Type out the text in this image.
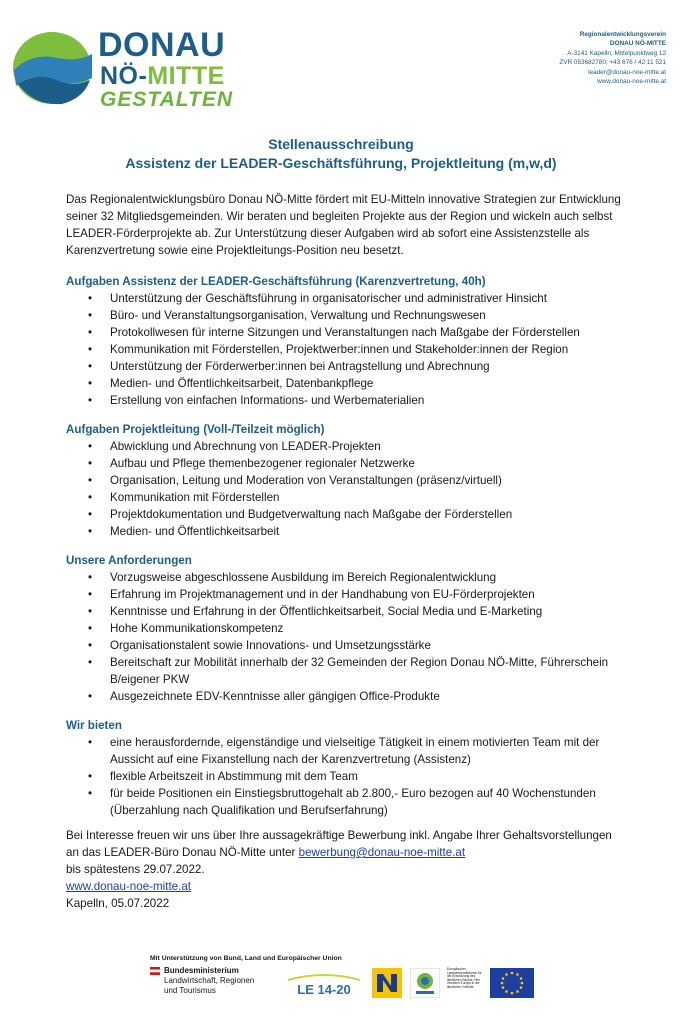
DONAU
NÖ-MITTE
GESTALTEN
Regionalentwicklungsverein
DONAU NÖ-MITTE
A-3141 Kapelln, Mittelpunktweg 12
ZVR 053682780, +43 676 / 42 11 521
leader@donau-noe-mitte.at
www.donau-noe-mitte.at
Stellenausschreibung
Assistenz der LEADER-Geschäftsführung, Projektleitung (m,w,d)
Das Regionalentwicklungsbüro Donau NÖ-Mitte fördert mit EU-Mitteln innovative Strategien zur Entwicklung seiner 32 Mitgliedsgemeinden. Wir beraten und begleiten Projekte aus der Region und wickeln auch selbst LEADER-Förderprojekte ab. Zur Unterstützung dieser Aufgaben wird ab sofort eine Assistenzstelle als Karenzvertretung sowie eine Projektleitungs-Position neu besetzt.
Aufgaben Assistenz der LEADER-Geschäftsführung (Karenzvertretung, 40h)
• Unterstützung der Geschäftsführung in organisatorischer und administrativer Hinsicht
• Büro- und Veranstaltungsorganisation, Verwaltung und Rechnungswesen
• Protokollwesen für interne Sitzungen und Veranstaltungen nach Maßgabe der Förderstellen
• Kommunikation mit Förderstellen, Projektwerber:innen und Stakeholder:innen der Region
• Unterstützung der Förderwerber:innen bei Antragstellung und Abrechnung
• Medien- und Öffentlichkeitsarbeit, Datenbankpflege
• Erstellung von einfachen Informations- und Werbematerialien
Aufgaben Projektleitung (Voll-/Teilzeit möglich)
• Abwicklung und Abrechnung von LEADER-Projekten
• Aufbau und Pflege themenbezogener regionaler Netzwerke
• Organisation, Leitung und Moderation von Veranstaltungen (präsenz/virtuell)
• Kommunikation mit Förderstellen
• Projektdokumentation und Budgetverwaltung nach Maßgabe der Förderstellen
• Medien- und Öffentlichkeitsarbeit
Unsere Anforderungen
• Vorzugsweise abgeschlossene Ausbildung im Bereich Regionalentwicklung
• Erfahrung im Projektmanagement und in der Handhabung von EU-Förderprojekten
• Kenntnisse und Erfahrung in der Öffentlichkeitsarbeit, Social Media und E-Marketing
• Hohe Kommunikationskompetenz
• Organisationstalent sowie Innovations- und Umsetzungsstärke
• Bereitschaft zur Mobilität innerhalb der 32 Gemeinden der Region Donau NÖ-Mitte, Führerschein B/eigener PKW
• Ausgezeichnete EDV-Kenntnisse aller gängigen Office-Produkte
Wir bieten
• eine herausfordernde, eigenständige und vielseitige Tätigkeit in einem motivierten Team mit der Aussicht auf eine Fixanstellung nach der Karenzvertretung (Assistenz)
• flexible Arbeitszeit in Abstimmung mit dem Team
• für beide Positionen ein Einstiegsbruttogehalt ab 2.800,- Euro bezogen auf 40 Wochenstunden (Überzahlung nach Qualifikation und Berufserfahrung)
Bei Interesse freuen wir uns über Ihre aussagekräftige Bewerbung inkl. Angabe Ihrer Gehaltsvorstellungen an das LEADER-Büro Donau NÖ-Mitte unter bewerbung@donau-noe-mitte.at
bis spätestens 29.07.2022.
www.donau-noe-mitte.at
Kapelln, 05.07.2022
Mit Unterstützung von Bund, Land und Europäischer Union
Bundesministerium
Landwirtschaft, Regionen
und Tourismus	LE 14-20
Europäischer Landwirtschaftsfonds für die Entwicklung des ländlichen Raums: Hier investiert Europa in die ländlichen Gebiete.
